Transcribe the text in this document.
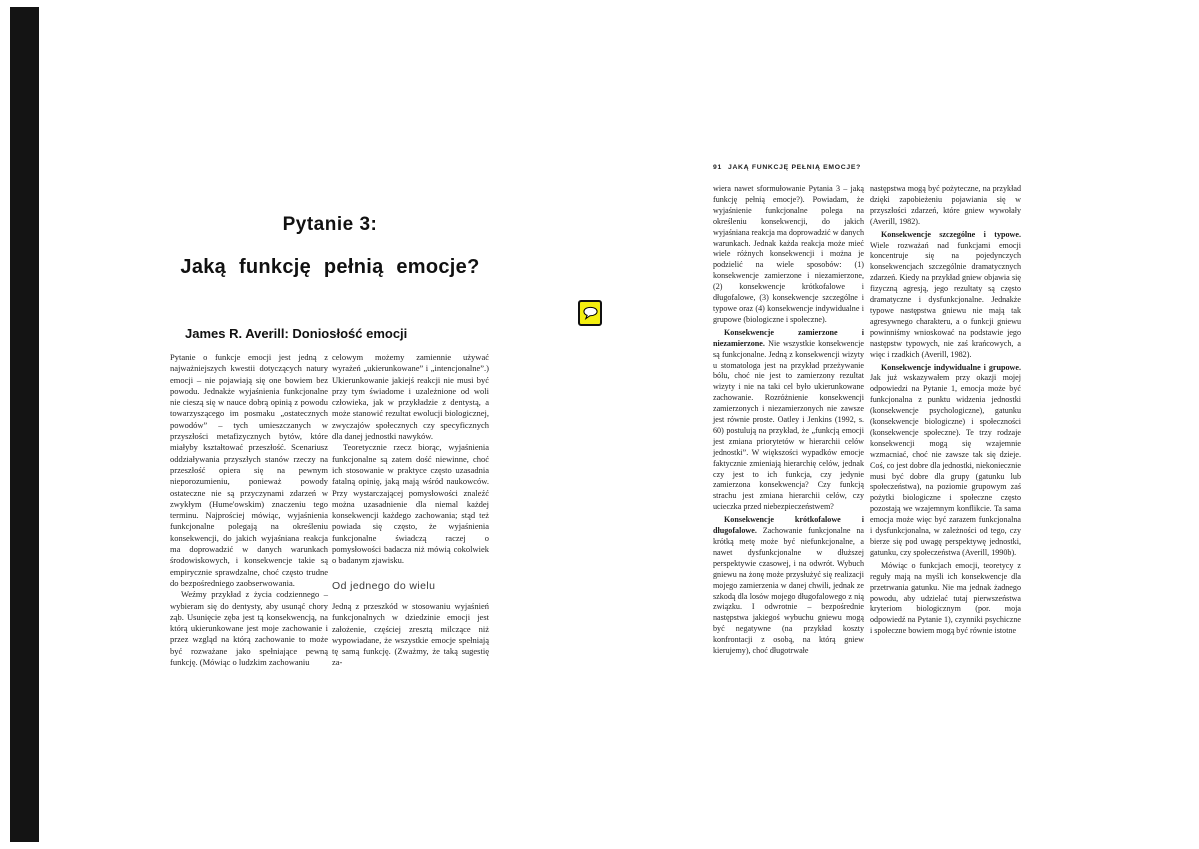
Pytanie 3:
Jaką funkcję pełnią emocje?
James R. Averill: Doniosłość emocji

Pytanie o funkcje emocji jest jedną z najważniejszych kwestii dotyczących natury emocji – nie pojawiają się one bowiem bez powodu. Jednakże wyjaśnienia funkcjonalne nie cieszą się w nauce dobrą opinią z powodu towarzyszącego im posmaku „ostatecznych powodów” – tych umieszczanych w przyszłości metafizycznych bytów, które miałyby kształtować przeszłość. Scenariusz oddziaływania przyszłych stanów rzeczy na przeszłość opiera się na pewnym nieporozumieniu, ponieważ powody ostateczne nie są przyczynami zdarzeń w zwykłym (Hume'owskim) znaczeniu tego terminu. Najprościej mówiąc, wyjaśnienia funkcjonalne polegają na określeniu konsekwencji, do jakich wyjaśniana reakcja ma doprowadzić w danych warunkach środowiskowych, i konsekwencje takie są empirycznie sprawdzalne, choć często trudne do bezpośredniego zaobserwowania.

Weźmy przykład z życia codziennego – wybieram się do dentysty, aby usunąć chory ząb. Usunięcie zęba jest tą konsekwencją, na którą ukierunkowane jest moje zachowanie i przez wzgląd na którą zachowanie to może być rozważane jako spełniające pewną funkcję. (Mówiąc o ludzkim zachowaniu

celowym możemy zamiennie używać wyrażeń „ukierunkowane” i „intencjonalne”.) Ukierunkowanie jakiejś reakcji nie musi być przy tym świadome i uzależnione od woli człowieka, jak w przykładzie z dentystą, a może stanowić rezultat ewolucji biologicznej, zwyczajów społecznych czy specyficznych dla danej jednostki nawyków.

Teoretycznie rzecz biorąc, wyjaśnienia funkcjonalne są zatem dość niewinne, choć ich stosowanie w praktyce często uzasadnia fatalną opinię, jaką mają wśród naukowców. Przy wystarczającej pomysłowości znaleźć można uzasadnienie dla niemal każdej konsekwencji każdego zachowania; stąd też powiada się często, że wyjaśnienia funkcjonalne świadczą raczej o pomysłowości badacza niż mówią cokolwiek o badanym zjawisku.

Od jednego do wielu

Jedną z przeszkód w stosowaniu wyjaśnień funkcjonalnych w dziedzinie emocji jest założenie, częściej zresztą milczące niż wypowiadane, że wszystkie emocje spełniają tę samą funkcję. (Zważmy, że taką sugestię za-

91 JAKĄ FUNKCJĘ PEŁNIĄ EMOCJE?

wiera nawet sformułowanie Pytania 3 – jaką funkcję pełnią emocje?). Powiadam, że wyjaśnienie funkcjonalne polega na określeniu konsekwencji, do jakich wyjaśniana reakcja ma doprowadzić w danych warunkach. Jednak każda reakcja może mieć wiele różnych konsekwencji i można je podzielić na wiele sposobów: (1) konsekwencje zamierzone i niezamierzone, (2) konsekwencje krótkofalowe i długofalowe, (3) konsekwencje szczególne i typowe oraz (4) konsekwencje indywidualne i grupowe (biologiczne i społeczne).

Konsekwencje zamierzone i niezamierzone. Nie wszystkie konsekwencje są funkcjonalne. Jedną z konsekwencji wizyty u stomatologa jest na przykład przeżywanie bólu, choć nie jest to zamierzony rezultat wizyty i nie na taki cel było ukierunkowane zachowanie. Rozróżnienie konsekwencji zamierzonych i niezamierzonych nie zawsze jest równie proste. Oatley i Jenkins (1992, s. 60) postulują na przykład, że „funkcją emocji jest zmiana priorytetów w hierarchii celów jednostki”. W większości wypadków emocje faktycznie zmieniają hierarchię celów, jednak czy jest to ich funkcja, czy jedynie zamierzona konsekwencja? Czy funkcją strachu jest zmiana hierarchii celów, czy ucieczka przed niebezpieczeństwem?

Konsekwencje krótkofalowe i długofalowe. Zachowanie funkcjonalne na krótką metę może być niefunkcjonalne, a nawet dysfunkcjonalne w dłuższej perspektywie czasowej, i na odwrót. Wybuch gniewu na żonę może przysłużyć się realizacji mojego zamierzenia w danej chwili, jednak ze szkodą dla losów mojego długofalowego z nią związku. I odwrotnie – bezpośrednie następstwa jakiegoś wybuchu gniewu mogą być negatywne (na przykład koszty konfrontacji z osobą, na którą gniew kierujemy), choć długotrwałe

następstwa mogą być pożyteczne, na przykład dzięki zapobieżeniu pojawiania się w przyszłości zdarzeń, które gniew wywołały (Averill, 1982).

Konsekwencje szczególne i typowe. Wiele rozważań nad funkcjami emocji koncentruje się na pojedynczych konsekwencjach szczególnie dramatycznych zdarzeń. Kiedy na przykład gniew objawia się fizyczną agresją, jego rezultaty są często dramatyczne i dysfunkcjonalne. Jednakże typowe następstwa gniewu nie mają tak agresywnego charakteru, a o funkcji gniewu powinniśmy wnioskować na podstawie jego następstw typowych, nie zaś krańcowych, a więc i rzadkich (Averill, 1982).

Konsekwencje indywidualne i grupowe. Jak już wskazywałem przy okazji mojej odpowiedzi na Pytanie 1, emocja może być funkcjonalna z punktu widzenia jednostki (konsekwencje psychologiczne), gatunku (konsekwencje biologiczne) i społeczności (konsekwencje społeczne). Te trzy rodzaje konsekwencji mogą się wzajemnie wzmacniać, choć nie zawsze tak się dzieje. Coś, co jest dobre dla jednostki, niekoniecznie musi być dobre dla grupy (gatunku lub społeczeństwa), na poziomie grupowym zaś pożytki biologiczne i społeczne często pozostają we wzajemnym konflikcie. Ta sama emocja może więc być zarazem funkcjonalna i dysfunkcjonalna, w zależności od tego, czy bierze się pod uwagę perspektywę jednostki, gatunku, czy społeczeństwa (Averill, 1990b).

Mówiąc o funkcjach emocji, teoretycy z reguły mają na myśli ich konsekwencje dla przetrwania gatunku. Nie ma jednak żadnego powodu, aby udzielać tutaj pierwszeństwa kryteriom biologicznym (por. moja odpowiedź na Pytanie 1), czynniki psychiczne i społeczne bowiem mogą być równie istotne
